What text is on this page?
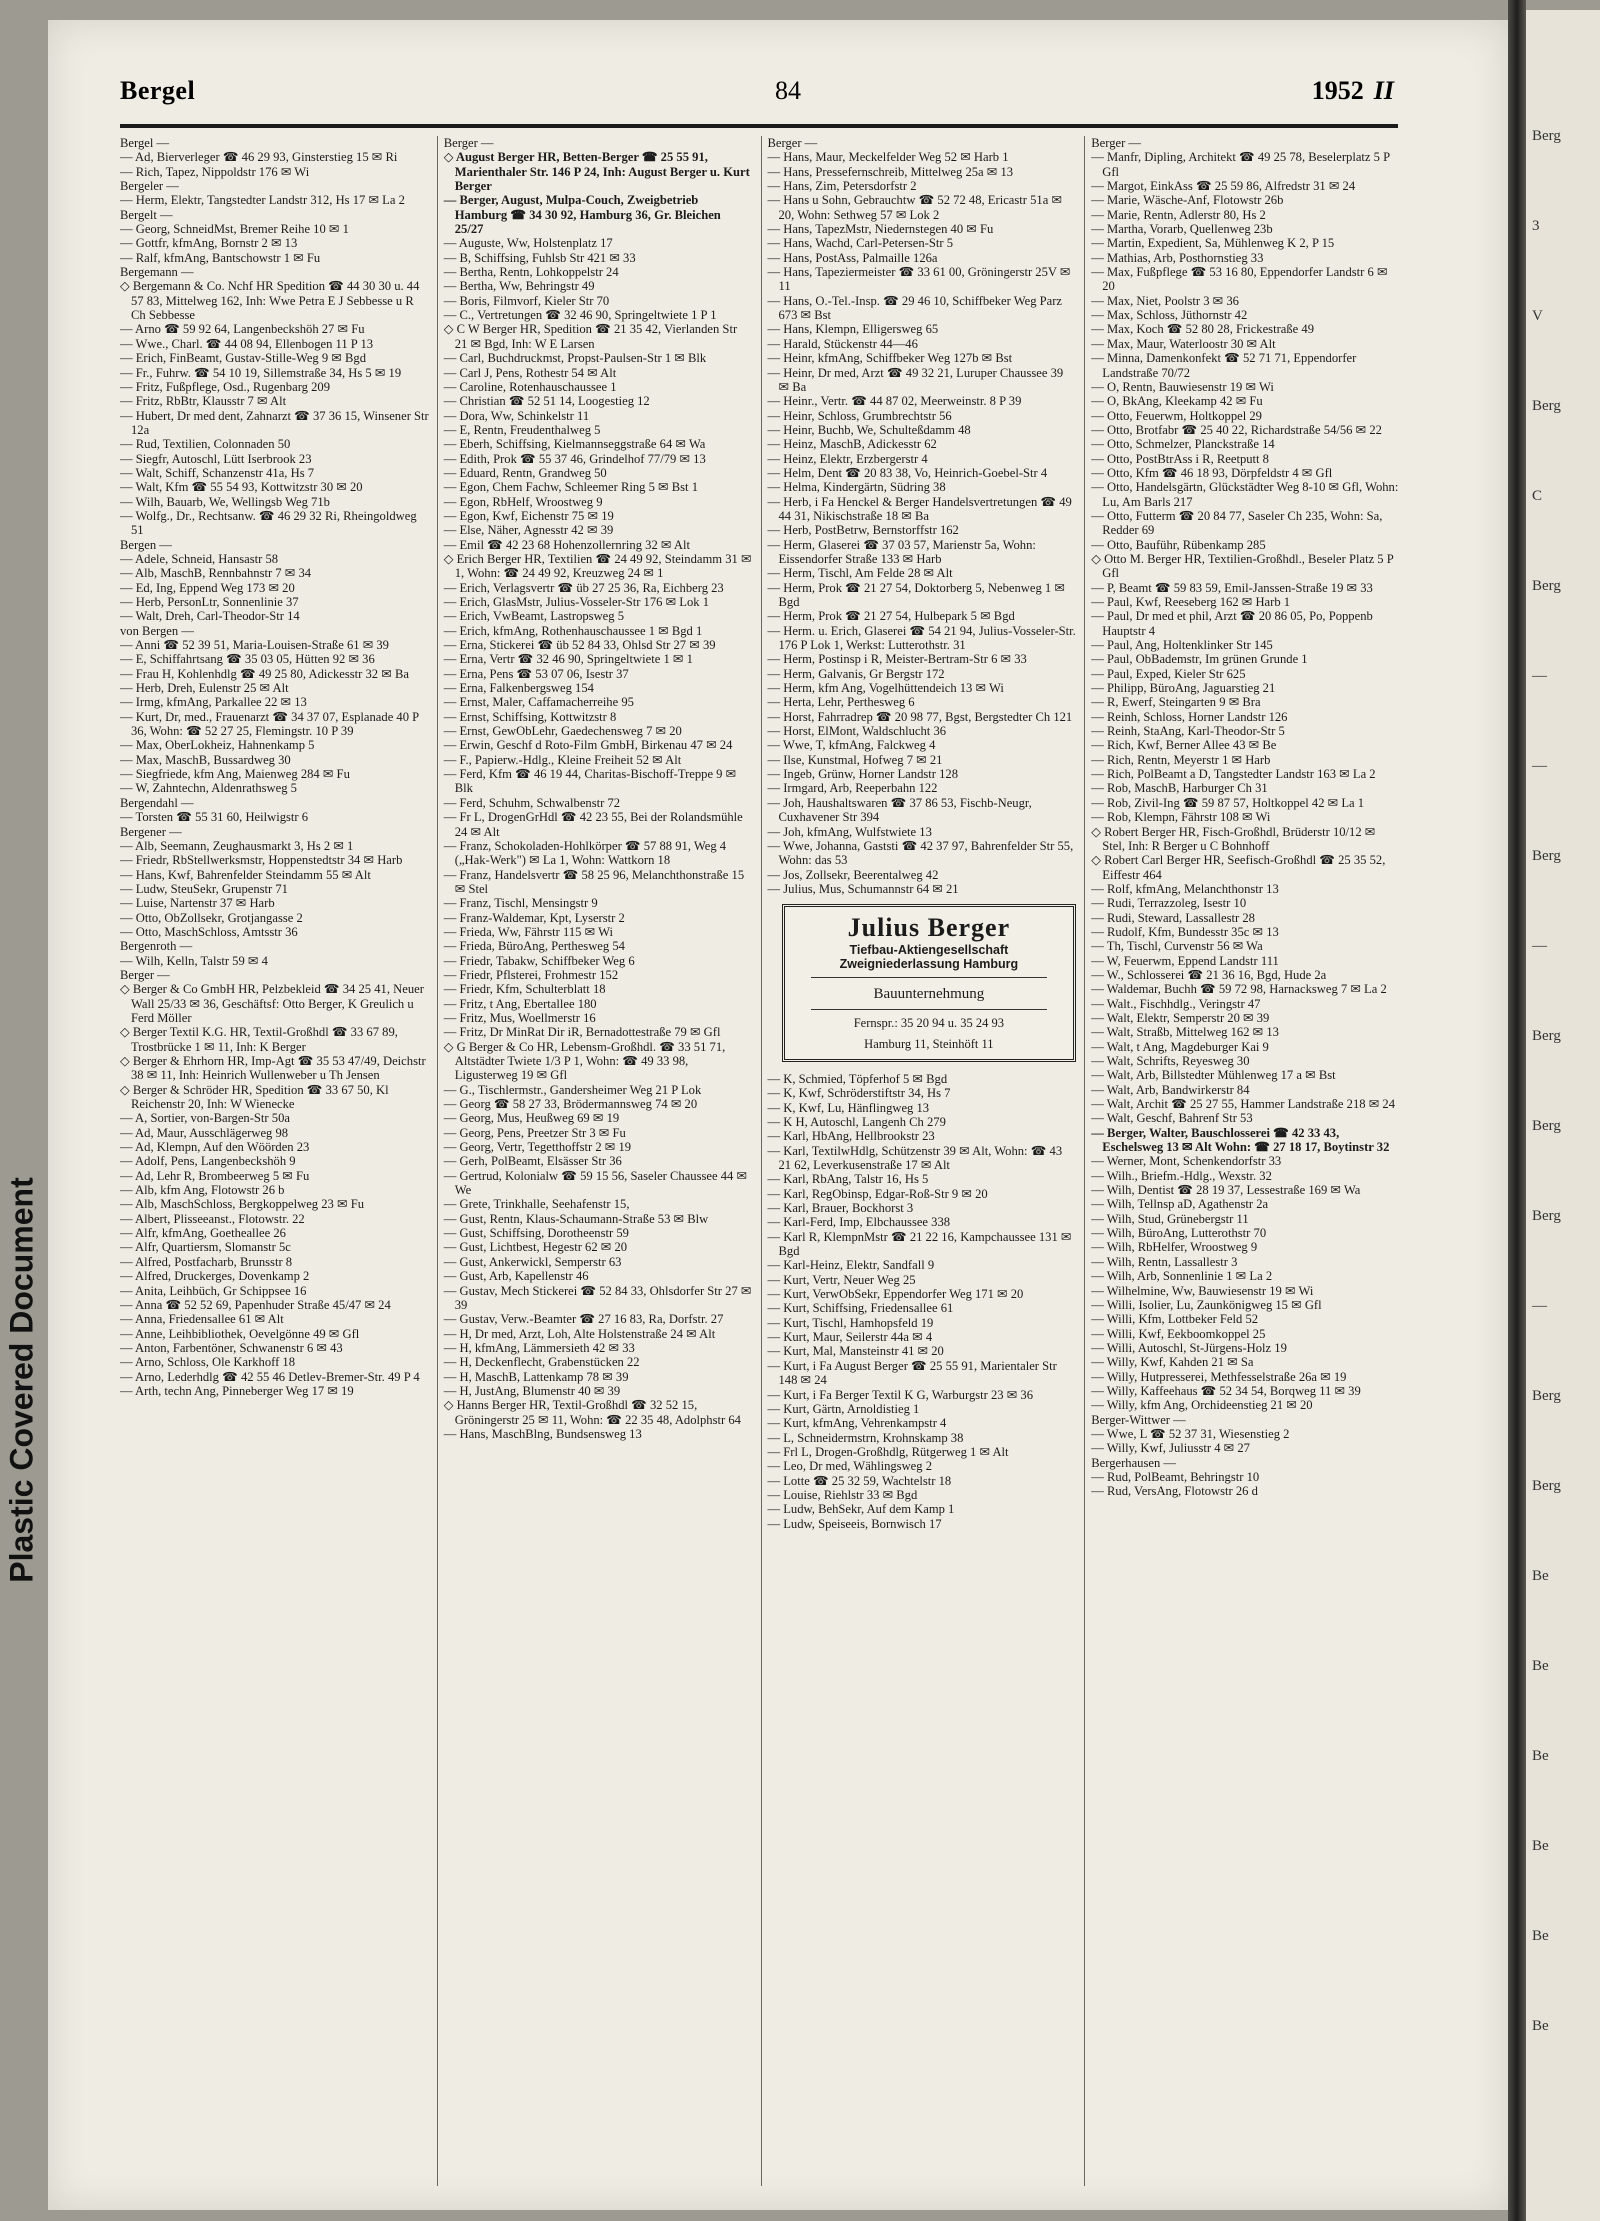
Berg
3
V
Berg
C
Berg
—
—
Berg
—
Berg
Berg
Berg
—
Berg
Berg
Be
Be
Be
Be
Be
Be
Plastic Covered Document
Bergel	84	1952 II

Bergel —

— Ad, Bierverleger ☎ 46 29 93, Ginsterstieg 15 ✉ Ri

— Rich, Tapez, Nippoldstr 176 ✉ Wi

Bergeler —

— Herm, Elektr, Tangstedter Landstr 312, Hs 17 ✉ La 2

Bergelt —

— Georg, SchneidMst, Bremer Reihe 10 ✉ 1

— Gottfr, kfmAng, Bornstr 2 ✉ 13

— Ralf, kfmAng, Bantschowstr 1 ✉ Fu

Bergemann —

◇ Bergemann & Co. Nchf HR Spedition ☎ 44 30 30 u. 44 57 83, Mittelweg 162, Inh: Wwe Petra E J Sebbesse u R Ch Sebbesse

— Arno ☎ 59 92 64, Langenbeckshöh 27 ✉ Fu

— Wwe., Charl. ☎ 44 08 94, Ellenbogen 11 P 13

— Erich, FinBeamt, Gustav-Stille-Weg 9 ✉ Bgd

— Fr., Fuhrw. ☎ 54 10 19, Sillemstraße 34, Hs 5 ✉ 19

— Fritz, Fußpflege, Osd., Rugenbarg 209

— Fritz, RbBtr, Klausstr 7 ✉ Alt

— Hubert, Dr med dent, Zahnarzt ☎ 37 36 15, Winsener Str 12a

— Rud, Textilien, Colonnaden 50

— Siegfr, Autoschl, Lütt Iserbrook 23

— Walt, Schiff, Schanzenstr 41a, Hs 7

— Walt, Kfm ☎ 55 54 93, Kottwitzstr 30 ✉ 20

— Wilh, Bauarb, We, Wellingsb Weg 71b

— Wolfg., Dr., Rechtsanw. ☎ 46 29 32 Ri, Rheingoldweg 51

Bergen —

— Adele, Schneid, Hansastr 58

— Alb, MaschB, Rennbahnstr 7 ✉ 34

— Ed, Ing, Eppend Weg 173 ✉ 20

— Herb, PersonLtr, Sonnenlinie 37

— Walt, Dreh, Carl-Theodor-Str 14

von Bergen —

— Anni ☎ 52 39 51, Maria-Louisen-Straße 61 ✉ 39

— E, Schiffahrtsang ☎ 35 03 05, Hütten 92 ✉ 36

— Frau H, Kohlenhdlg ☎ 49 25 80, Adickesstr 32 ✉ Ba

— Herb, Dreh, Eulenstr 25 ✉ Alt

— Irmg, kfmAng, Parkallee 22 ✉ 13

— Kurt, Dr, med., Frauenarzt ☎ 34 37 07, Esplanade 40 P 36, Wohn: ☎ 52 27 25, Flemingstr. 10 P 39

— Max, OberLokheiz, Hahnenkamp 5

— Max, MaschB, Bussardweg 30

— Siegfriede, kfm Ang, Maienweg 284 ✉ Fu

— W, Zahntechn, Aldenrathsweg 5

Bergendahl —

— Torsten ☎ 55 31 60, Heilwigstr 6

Bergener —

— Alb, Seemann, Zeughausmarkt 3, Hs 2 ✉ 1

— Friedr, RbStellwerksmstr, Hoppenstedtstr 34 ✉ Harb

— Hans, Kwf, Bahrenfelder Steindamm 55 ✉ Alt

— Ludw, SteuSekr, Grupenstr 71

— Luise, Nartenstr 37 ✉ Harb

— Otto, ObZollsekr, Grotjangasse 2

— Otto, MaschSchloss, Amtsstr 36

Bergenroth —

— Wilh, Kelln, Talstr 59 ✉ 4

Berger —

◇ Berger & Co GmbH HR, Pelzbekleid ☎ 34 25 41, Neuer Wall 25/33 ✉ 36, Geschäftsf: Otto Berger, K Greulich u Ferd Möller

◇ Berger Textil K.G. HR, Textil-Großhdl ☎ 33 67 89, Trostbrücke 1 ✉ 11, Inh: K Berger

◇ Berger & Ehrhorn HR, Imp-Agt ☎ 35 53 47/49, Deichstr 38 ✉ 11, Inh: Heinrich Wullenweber u Th Jensen

◇ Berger & Schröder HR, Spedition ☎ 33 67 50, Kl Reichenstr 20, Inh: W Wienecke

— A, Sortier, von-Bargen-Str 50a

— Ad, Maur, Ausschlägerweg 98

— Ad, Klempn, Auf den Wöörden 23

— Adolf, Pens, Langenbeckshöh 9

— Ad, Lehr R, Brombeerweg 5 ✉ Fu

— Alb, kfm Ang, Flotowstr 26 b

— Alb, MaschSchloss, Bergkoppelweg 23 ✉ Fu

— Albert, Plisseeanst., Flotowstr. 22

— Alfr, kfmAng, Goetheallee 26

— Alfr, Quartiersm, Slomanstr 5c

— Alfred, Postfacharb, Brunsstr 8

— Alfred, Druckerges, Dovenkamp 2

— Anita, Leihbüch, Gr Schippsee 16

— Anna ☎ 52 52 69, Papenhuder Straße 45/47 ✉ 24

— Anna, Friedensallee 61 ✉ Alt

— Anne, Leihbibliothek, Oevelgönne 49 ✉ Gfl

— Anton, Farbentöner, Schwanenstr 6 ✉ 43

— Arno, Schloss, Ole Karkhoff 18

— Arno, Lederhdlg ☎ 42 55 46 Detlev-Bremer-Str. 49 P 4

— Arth, techn Ang, Pinneberger Weg 17 ✉ 19

Berger —

◇ August Berger HR, Betten-Berger ☎ 25 55 91, Marienthaler Str. 146 P 24, Inh: August Berger u. Kurt Berger

— Berger, August, Mulpa-Couch, Zweigbetrieb Hamburg ☎ 34 30 92, Hamburg 36, Gr. Bleichen 25/27

— Auguste, Ww, Holstenplatz 17

— B, Schiffsing, Fuhlsb Str 421 ✉ 33

— Bertha, Rentn, Lohkoppelstr 24

— Bertha, Ww, Behringstr 49

— Boris, Filmvorf, Kieler Str 70

— C., Vertretungen ☎ 32 46 90, Springeltwiete 1 P 1

◇ C W Berger HR, Spedition ☎ 21 35 42, Vierlanden Str 21 ✉ Bgd, Inh: W E Larsen

— Carl, Buchdruckmst, Propst-Paulsen-Str 1 ✉ Blk

— Carl J, Pens, Rothestr 54 ✉ Alt

— Caroline, Rotenhauschaussee 1

— Christian ☎ 52 51 14, Loogestieg 12

— Dora, Ww, Schinkelstr 11

— E, Rentn, Freudenthalweg 5

— Eberh, Schiffsing, Kielmannseggstraße 64 ✉ Wa

— Edith, Prok ☎ 55 37 46, Grindelhof 77/79 ✉ 13

— Eduard, Rentn, Grandweg 50

— Egon, Chem Fachw, Schleemer Ring 5 ✉ Bst 1

— Egon, RbHelf, Wroostweg 9

— Egon, Kwf, Eichenstr 75 ✉ 19

— Else, Näher, Agnesstr 42 ✉ 39

— Emil ☎ 42 23 68 Hohenzollernring 32 ✉ Alt

◇ Erich Berger HR, Textilien ☎ 24 49 92, Steindamm 31 ✉ 1, Wohn: ☎ 24 49 92, Kreuzweg 24 ✉ 1

— Erich, Verlagsvertr ☎ üb 27 25 36, Ra, Eichberg 23

— Erich, GlasMstr, Julius-Vosseler-Str 176 ✉ Lok 1

— Erich, VwBeamt, Lastropsweg 5

— Erich, kfmAng, Rothenhauschaussee 1 ✉ Bgd 1

— Erna, Stickerei ☎ üb 52 84 33, Ohlsd Str 27 ✉ 39

— Erna, Vertr ☎ 32 46 90, Springeltwiete 1 ✉ 1

— Erna, Pens ☎ 53 07 06, Isestr 37

— Erna, Falkenbergsweg 154

— Ernst, Maler, Caffamacherreihe 95

— Ernst, Schiffsing, Kottwitzstr 8

— Ernst, GewObLehr, Gaedechensweg 7 ✉ 20

— Erwin, Geschf d Roto-Film GmbH, Birkenau 47 ✉ 24

— F., Papierw.-Hdlg., Kleine Freiheit 52 ✉ Alt

— Ferd, Kfm ☎ 46 19 44, Charitas-Bischoff-Treppe 9 ✉ Blk

— Ferd, Schuhm, Schwalbenstr 72

— Fr L, DrogenGrHdl ☎ 42 23 55, Bei der Rolandsmühle 24 ✉ Alt

— Franz, Schokoladen-Hohlkörper ☎ 57 88 91, Weg 4 („Hak-Werk") ✉ La 1, Wohn: Wattkorn 18

— Franz, Handelsvertr ☎ 58 25 96, Melanchthonstraße 15 ✉ Stel

— Franz, Tischl, Mensingstr 9

— Franz-Waldemar, Kpt, Lyserstr 2

— Frieda, Ww, Fährstr 115 ✉ Wi

— Frieda, BüroAng, Perthesweg 54

— Friedr, Tabakw, Schiffbeker Weg 6

— Friedr, Pflsterei, Frohmestr 152

— Friedr, Kfm, Schulterblatt 18

— Fritz, t Ang, Ebertallee 180

— Fritz, Mus, Woellmerstr 16

— Fritz, Dr MinRat Dir iR, Bernadottestraße 79 ✉ Gfl

◇ G Berger & Co HR, Lebensm-Großhdl. ☎ 33 51 71, Altstädter Twiete 1/3 P 1, Wohn: ☎ 49 33 98, Ligusterweg 19 ✉ Gfl

— G., Tischlermstr., Gandersheimer Weg 21 P Lok

— Georg ☎ 58 27 33, Brödermannsweg 74 ✉ 20

— Georg, Mus, Heußweg 69 ✉ 19

— Georg, Pens, Preetzer Str 3 ✉ Fu

— Georg, Vertr, Tegetthoffstr 2 ✉ 19

— Gerh, PolBeamt, Elsässer Str 36

— Gertrud, Kolonialw ☎ 59 15 56, Saseler Chaussee 44 ✉ We

— Grete, Trinkhalle, Seehafenstr 15,

— Gust, Rentn, Klaus-Schaumann-Straße 53 ✉ Blw

— Gust, Schiffsing, Dorotheenstr 59

— Gust, Lichtbest, Hegestr 62 ✉ 20

— Gust, Ankerwickl, Semperstr 63

— Gust, Arb, Kapellenstr 46

— Gustav, Mech Stickerei ☎ 52 84 33, Ohlsdorfer Str 27 ✉ 39

— Gustav, Verw.-Beamter ☎ 27 16 83, Ra, Dorfstr. 27

— H, Dr med, Arzt, Loh, Alte Holstenstraße 24 ✉ Alt

— H, kfmAng, Lämmersieth 42 ✉ 33

— H, Deckenflecht, Grabenstücken 22

— H, MaschB, Lattenkamp 78 ✉ 39

— H, JustAng, Blumenstr 40 ✉ 39

◇ Hanns Berger HR, Textil-Großhdl ☎ 32 52 15, Gröningerstr 25 ✉ 11, Wohn: ☎ 22 35 48, Adolphstr 64

— Hans, MaschBlng, Bundsensweg 13

Berger —

— Hans, Maur, Meckelfelder Weg 52 ✉ Harb 1

— Hans, Pressefernschreib, Mittelweg 25a ✉ 13

— Hans, Zim, Petersdorfstr 2

— Hans u Sohn, Gebrauchtw ☎ 52 72 48, Ericastr 51a ✉ 20, Wohn: Sethweg 57 ✉ Lok 2

— Hans, TapezMstr, Niedernstegen 40 ✉ Fu

— Hans, Wachd, Carl-Petersen-Str 5

— Hans, PostAss, Palmaille 126a

— Hans, Tapeziermeister ☎ 33 61 00, Gröningerstr 25V ✉ 11

— Hans, O.-Tel.-Insp. ☎ 29 46 10, Schiffbeker Weg Parz 673 ✉ Bst

— Hans, Klempn, Elligersweg 65

— Harald, Stückenstr 44—46

— Heinr, kfmAng, Schiffbeker Weg 127b ✉ Bst

— Heinr, Dr med, Arzt ☎ 49 32 21, Luruper Chaussee 39 ✉ Ba

— Heinr., Vertr. ☎ 44 87 02, Meerweinstr. 8 P 39

— Heinr, Schloss, Grumbrechtstr 56

— Heinr, Buchb, We, Schulteßdamm 48

— Heinz, MaschB, Adickesstr 62

— Heinz, Elektr, Erzbergerstr 4

— Helm, Dent ☎ 20 83 38, Vo, Heinrich-Goebel-Str 4

— Helma, Kindergärtn, Südring 38

— Herb, i Fa Henckel & Berger Handelsvertretungen ☎ 49 44 31, Nikischstraße 18 ✉ Ba

— Herb, PostBetrw, Bernstorffstr 162

— Herm, Glaserei ☎ 37 03 57, Marienstr 5a, Wohn: Eissendorfer Straße 133 ✉ Harb

— Herm, Tischl, Am Felde 28 ✉ Alt

— Herm, Prok ☎ 21 27 54, Doktorberg 5, Nebenweg 1 ✉ Bgd

— Herm, Prok ☎ 21 27 54, Hulbepark 5 ✉ Bgd

— Herm. u. Erich, Glaserei ☎ 54 21 94, Julius-Vosseler-Str. 176 P Lok 1, Werkst: Lutterothstr. 31

— Herm, Postinsp i R, Meister-Bertram-Str 6 ✉ 33

— Herm, Galvanis, Gr Bergstr 172

— Herm, kfm Ang, Vogelhüttendeich 13 ✉ Wi

— Herta, Lehr, Perthesweg 6

— Horst, Fahrradrep ☎ 20 98 77, Bgst, Bergstedter Ch 121

— Horst, ElMont, Waldschlucht 36

— Wwe, T, kfmAng, Falckweg 4

— Ilse, Kunstmal, Hofweg 7 ✉ 21

— Ingeb, Grünw, Horner Landstr 128

— Irmgard, Arb, Reeperbahn 122

— Joh, Haushaltswaren ☎ 37 86 53, Fischb-Neugr, Cuxhavener Str 394

— Joh, kfmAng, Wulfstwiete 13

— Wwe, Johanna, Gaststi ☎ 42 37 97, Bahrenfelder Str 55, Wohn: das 53

— Jos, Zollsekr, Beerentalweg 42

— Julius, Mus, Schumannstr 64 ✉ 21

Julius Berger
Tiefbau-Aktiengesellschaft
Zweigniederlassung Hamburg
Bauunternehmung
Fernspr.: 35 20 94 u. 35 24 93
Hamburg 11, Steinhöft 11

— K, Schmied, Töpferhof 5 ✉ Bgd

— K, Kwf, Schröderstiftstr 34, Hs 7

— K, Kwf, Lu, Hänflingweg 13

— K H, Autoschl, Langenh Ch 279

— Karl, HbAng, Hellbrookstr 23

— Karl, TextilwHdlg, Schützenstr 39 ✉ Alt, Wohn: ☎ 43 21 62, Leverkusenstraße 17 ✉ Alt

— Karl, RbAng, Talstr 16, Hs 5

— Karl, RegObinsp, Edgar-Roß-Str 9 ✉ 20

— Karl, Brauer, Bockhorst 3

— Karl-Ferd, Imp, Elbchaussee 338

— Karl R, KlempnMstr ☎ 21 22 16, Kampchaussee 131 ✉ Bgd

— Karl-Heinz, Elektr, Sandfall 9

— Kurt, Vertr, Neuer Weg 25

— Kurt, VerwObSekr, Eppendorfer Weg 171 ✉ 20

— Kurt, Schiffsing, Friedensallee 61

— Kurt, Tischl, Hamhopsfeld 19

— Kurt, Maur, Seilerstr 44a ✉ 4

— Kurt, Mal, Mansteinstr 41 ✉ 20

— Kurt, i Fa August Berger ☎ 25 55 91, Marientaler Str 148 ✉ 24

— Kurt, i Fa Berger Textil K G, Warburgstr 23 ✉ 36

— Kurt, Gärtn, Arnoldistieg 1

— Kurt, kfmAng, Vehrenkampstr 4

— L, Schneidermstrn, Krohnskamp 38

— Frl L, Drogen-Großhdlg, Rütgerweg 1 ✉ Alt

— Leo, Dr med, Wählingsweg 2

— Lotte ☎ 25 32 59, Wachtelstr 18

— Louise, Riehlstr 33 ✉ Bgd

— Ludw, BehSekr, Auf dem Kamp 1

— Ludw, Speiseeis, Bornwisch 17

Berger —

— Manfr, Dipling, Architekt ☎ 49 25 78, Beselerplatz 5 P Gfl

— Margot, EinkAss ☎ 25 59 86, Alfredstr 31 ✉ 24

— Marie, Wäsche-Anf, Flotowstr 26b

— Marie, Rentn, Adlerstr 80, Hs 2

— Martha, Vorarb, Quellenweg 23b

— Martin, Expedient, Sa, Mühlenweg K 2, P 15

— Mathias, Arb, Posthornstieg 33

— Max, Fußpflege ☎ 53 16 80, Eppendorfer Landstr 6 ✉ 20

— Max, Niet, Poolstr 3 ✉ 36

— Max, Schloss, Jüthornstr 42

— Max, Koch ☎ 52 80 28, Frickestraße 49

— Max, Maur, Waterloostr 30 ✉ Alt

— Minna, Damenkonfekt ☎ 52 71 71, Eppendorfer Landstraße 70/72

— O, Rentn, Bauwiesenstr 19 ✉ Wi

— O, BkAng, Kleekamp 42 ✉ Fu

— Otto, Feuerwm, Holtkoppel 29

— Otto, Brotfabr ☎ 25 40 22, Richardstraße 54/56 ✉ 22

— Otto, Schmelzer, Planckstraße 14

— Otto, PostBtrAss i R, Reetputt 8

— Otto, Kfm ☎ 46 18 93, Dörpfeldstr 4 ✉ Gfl

— Otto, Handelsgärtn, Glückstädter Weg 8-10 ✉ Gfl, Wohn: Lu, Am Barls 217

— Otto, Futterm ☎ 20 84 77, Saseler Ch 235, Wohn: Sa, Redder 69

— Otto, Bauführ, Rübenkamp 285

◇ Otto M. Berger HR, Textilien-Großhdl., Beseler Platz 5 P Gfl

— P, Beamt ☎ 59 83 59, Emil-Janssen-Straße 19 ✉ 33

— Paul, Kwf, Reeseberg 162 ✉ Harb 1

— Paul, Dr med et phil, Arzt ☎ 20 86 05, Po, Poppenb Hauptstr 4

— Paul, Ang, Holtenklinker Str 145

— Paul, ObBademstr, Im grünen Grunde 1

— Paul, Exped, Kieler Str 625

— Philipp, BüroAng, Jaguarstieg 21

— R, Ewerf, Steingarten 9 ✉ Bra

— Reinh, Schloss, Horner Landstr 126

— Reinh, StaAng, Karl-Theodor-Str 5

— Rich, Kwf, Berner Allee 43 ✉ Be

— Rich, Rentn, Meyerstr 1 ✉ Harb

— Rich, PolBeamt a D, Tangstedter Landstr 163 ✉ La 2

— Rob, MaschB, Harburger Ch 31

— Rob, Zivil-Ing ☎ 59 87 57, Holtkoppel 42 ✉ La 1

— Rob, Klempn, Fährstr 108 ✉ Wi

◇ Robert Berger HR, Fisch-Großhdl, Brüderstr 10/12 ✉ Stel, Inh: R Berger u C Bohnhoff

◇ Robert Carl Berger HR, Seefisch-Großhdl ☎ 25 35 52, Eiffestr 464

— Rolf, kfmAng, Melanchthonstr 13

— Rudi, Terrazzoleg, Isestr 10

— Rudi, Steward, Lassallestr 28

— Rudolf, Kfm, Bundesstr 35c ✉ 13

— Th, Tischl, Curvenstr 56 ✉ Wa

— W, Feuerwm, Eppend Landstr 111

— W., Schlosserei ☎ 21 36 16, Bgd, Hude 2a

— Waldemar, Buchh ☎ 59 72 98, Harnacksweg 7 ✉ La 2

— Walt., Fischhdlg., Veringstr 47

— Walt, Elektr, Semperstr 20 ✉ 39

— Walt, Straßb, Mittelweg 162 ✉ 13

— Walt, t Ang, Magdeburger Kai 9

— Walt, Schrifts, Reyesweg 30

— Walt, Arb, Billstedter Mühlenweg 17 a ✉ Bst

— Walt, Arb, Bandwirkerstr 84

— Walt, Archit ☎ 25 27 55, Hammer Landstraße 218 ✉ 24

— Walt, Geschf, Bahrenf Str 53

— Berger, Walter, Bauschlosserei ☎ 42 33 43, Eschelsweg 13 ✉ Alt Wohn: ☎ 27 18 17, Boytinstr 32

— Werner, Mont, Schenkendorfstr 33

— Wilh., Briefm.-Hdlg., Wexstr. 32

— Wilh, Dentist ☎ 28 19 37, Lessestraße 169 ✉ Wa

— Wilh, Tellnsp aD, Agathenstr 2a

— Wilh, Stud, Grünebergstr 11

— Wilh, BüroAng, Lutterothstr 70

— Wilh, RbHelfer, Wroostweg 9

— Wilh, Rentn, Lassallestr 3

— Wilh, Arb, Sonnenlinie 1 ✉ La 2

— Wilhelmine, Ww, Bauwiesenstr 19 ✉ Wi

— Willi, Isolier, Lu, Zaunkönigweg 15 ✉ Gfl

— Willi, Kfm, Lottbeker Feld 52

— Willi, Kwf, Eekboomkoppel 25

— Willi, Autoschl, St-Jürgens-Holz 19

— Willy, Kwf, Kahden 21 ✉ Sa

— Willy, Hutpresserei, Methfesselstraße 26a ✉ 19

— Willy, Kaffeehaus ☎ 52 34 54, Borqweg 11 ✉ 39

— Willy, kfm Ang, Orchideenstieg 21 ✉ 20

Berger-Wittwer —

— Wwe, L ☎ 52 37 31, Wiesenstieg 2

— Willy, Kwf, Juliusstr 4 ✉ 27

Bergerhausen —

— Rud, PolBeamt, Behringstr 10

— Rud, VersAng, Flotowstr 26 d
